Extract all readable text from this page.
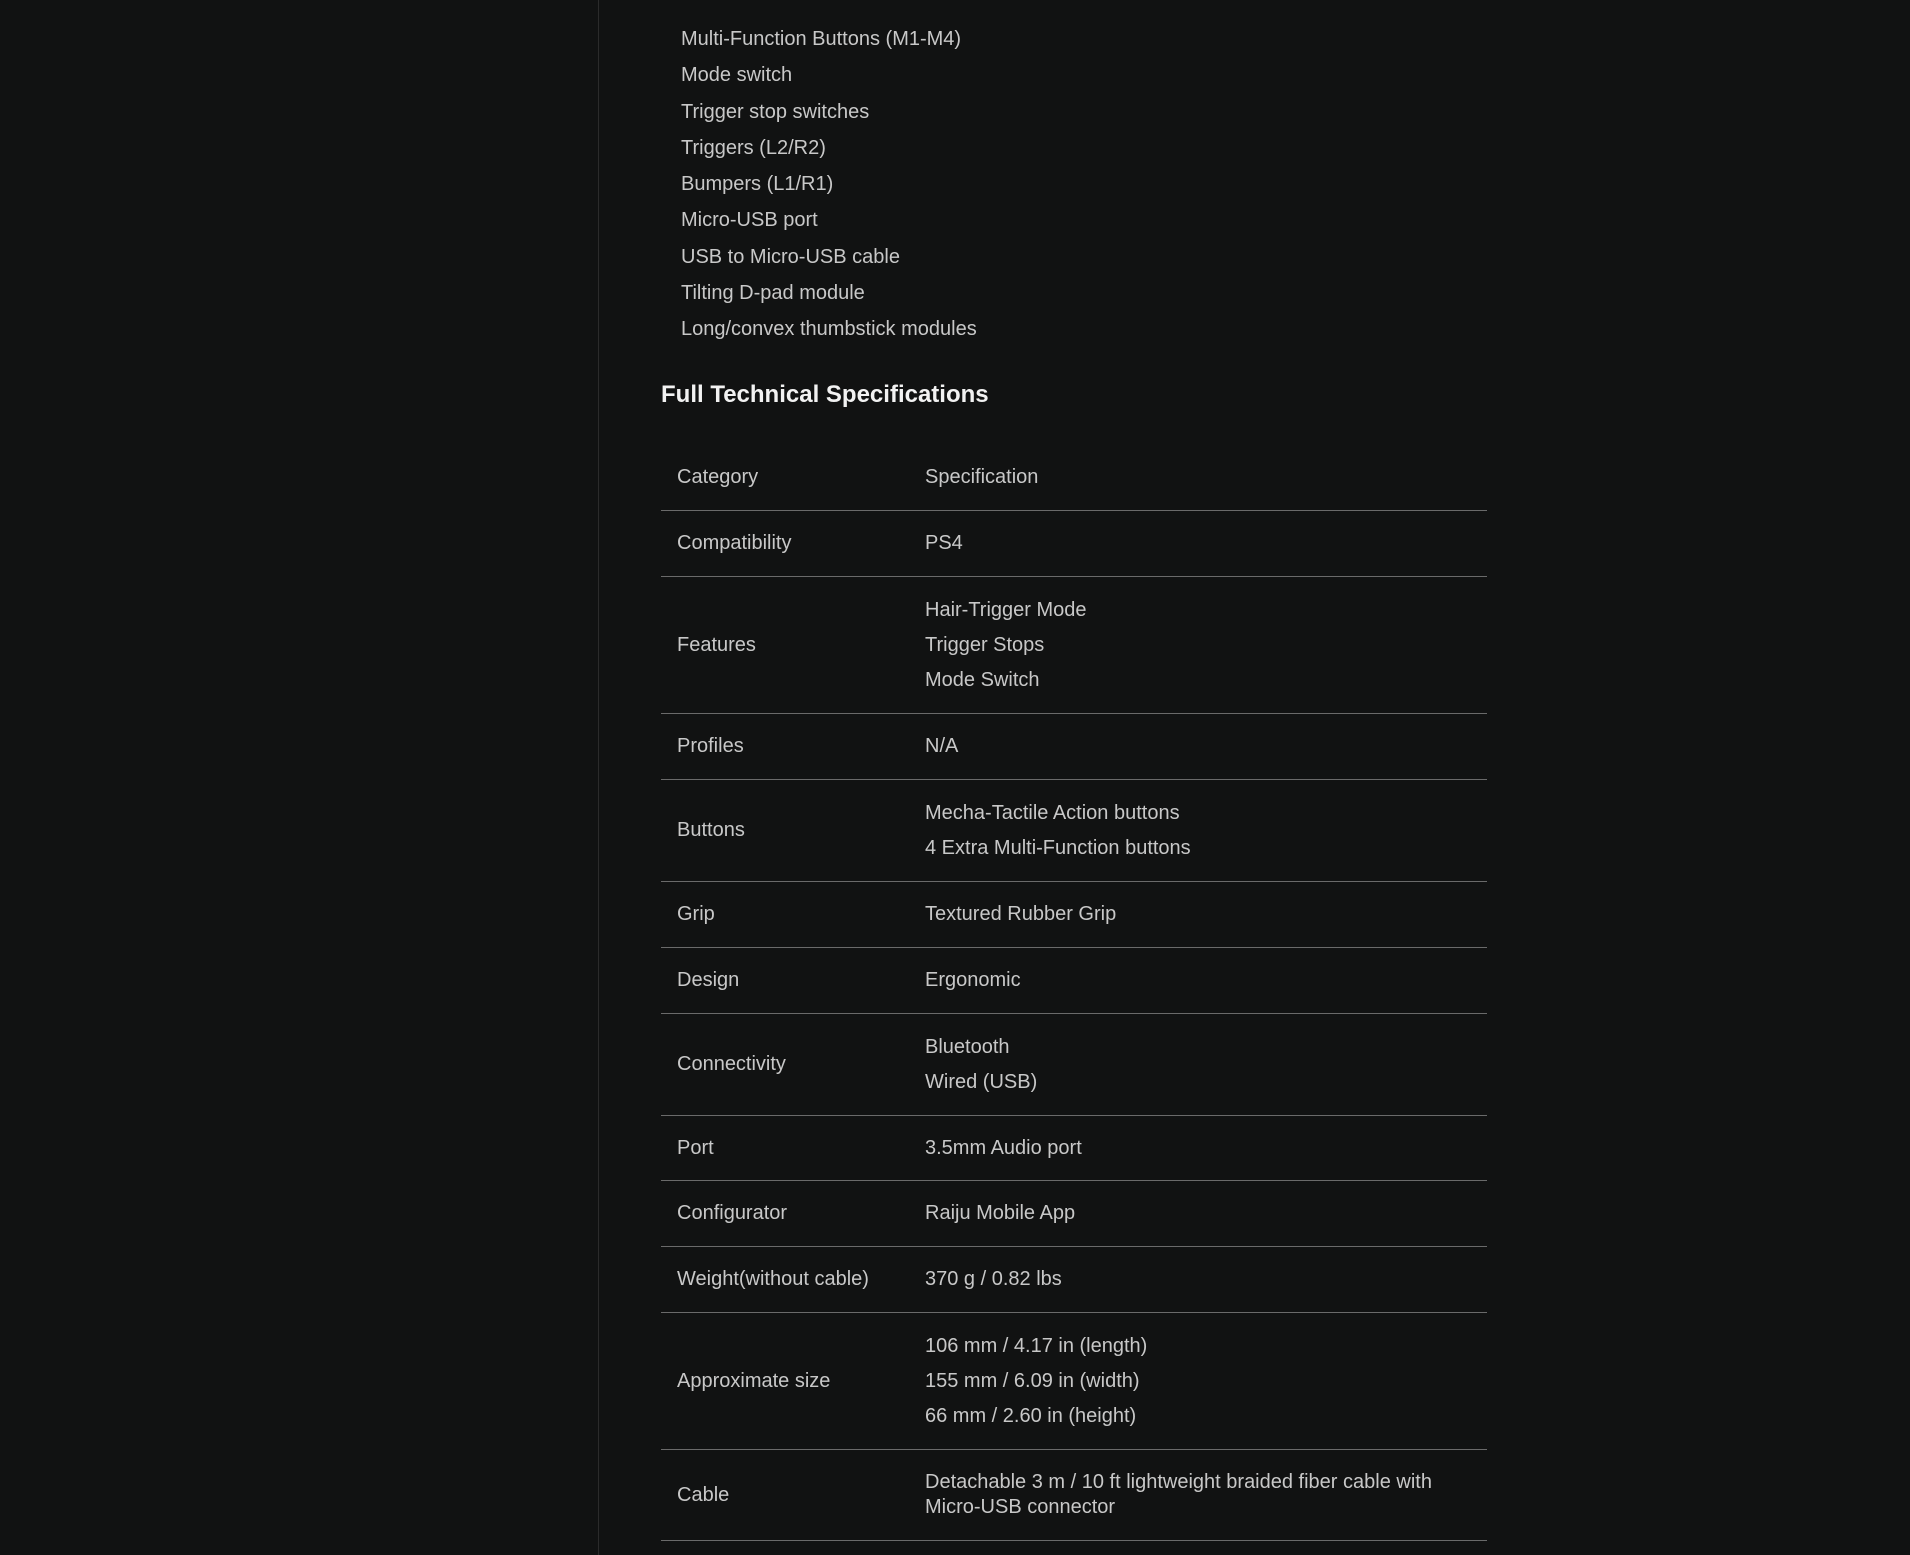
Multi-Function Buttons (M1-M4)
Mode switch
Trigger stop switches
Triggers (L2/R2)
Bumpers (L1/R1)
Micro-USB port
USB to Micro-USB cable
Tilting D-pad module
Long/convex thumbstick modules
Full Technical Specifications
Category	Specification
Compatibility	PS4

Features	Hair-Trigger Mode
Trigger Stops
Mode Switch

Profiles	N/A

Buttons	Mecha-Tactile Action buttons
4 Extra Multi-Function buttons

Grip	Textured Rubber Grip

Design	Ergonomic

Connectivity	Bluetooth
Wired (USB)

Port	3.5mm Audio port

Configurator	Raiju Mobile App

Weight(without cable)	370 g / 0.82 lbs

Approximate size	106 mm / 4.17 in (length)
155 mm / 6.09 in (width)
66 mm / 2.60 in (height)

Cable	Detachable 3 m / 10 ft lightweight braided fiber cable with Micro-USB connector
